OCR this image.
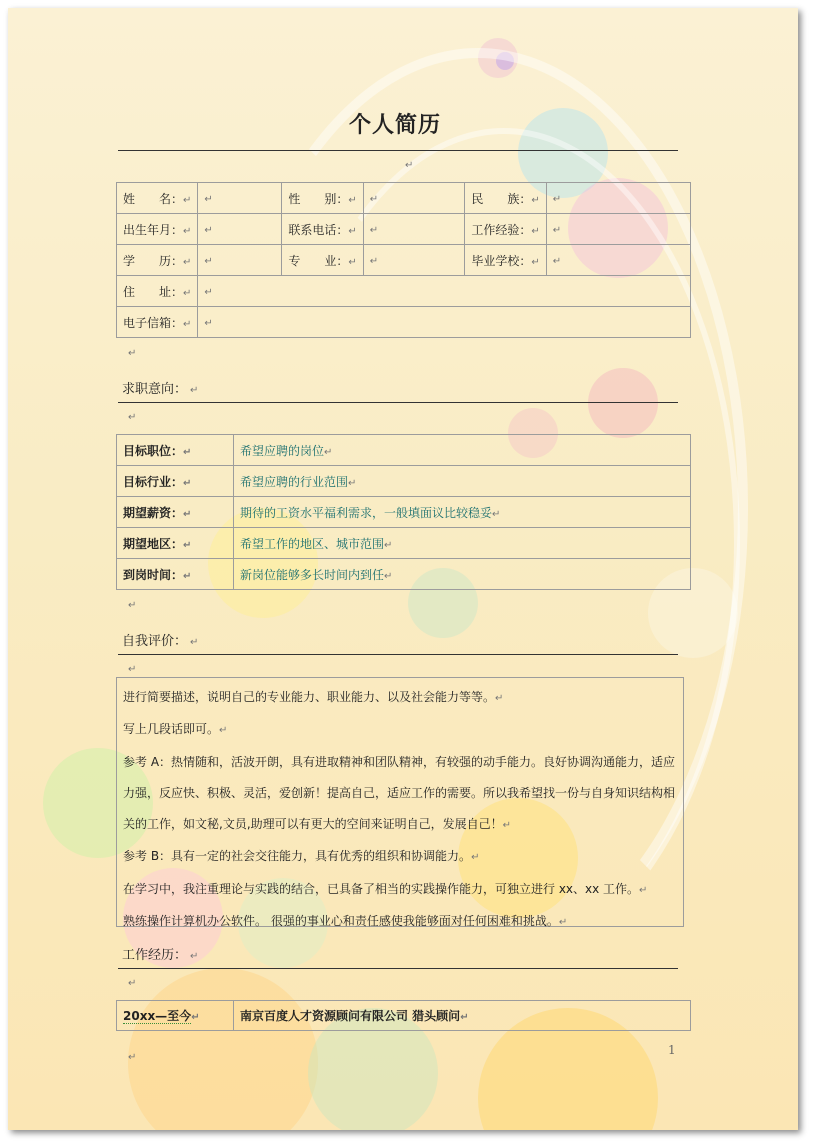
个人简历
↵
姓　　名：↵	↵	性　　别：↵	↵	民　　族：↵	↵
出生年月：↵	↵	联系电话：↵	↵	工作经验：↵	↵
学　　历：↵	↵	专　　业：↵	↵	毕业学校：↵	↵
住　　址：↵	↵				
电子信箱：↵	↵				
↵
求职意向： ↵
↵
目标职位：↵	希望应聘的岗位↵
目标行业：↵	希望应聘的行业范围↵
期望薪资：↵	期待的工资水平福利需求，一般填面议比较稳妥↵
期望地区：↵	希望工作的地区、城市范围↵
到岗时间：↵	新岗位能够多长时间内到任↵
↵
自我评价： ↵
↵

进行简要描述，说明自己的专业能力、职业能力、以及社会能力等等。↵

写上几段话即可。↵

参考 A：热情随和，活波开朗，具有进取精神和团队精神，有较强的动手能力。良好协调沟通能力，适应

力强，反应快、积极、灵活，爱创新！提高自己，适应工作的需要。所以我希望找一份与自身知识结构相

关的工作，如文秘,文员,助理可以有更大的空间来证明自己，发展自己！↵

参考 B：具有一定的社会交往能力，具有优秀的组织和协调能力。↵

在学习中，我注重理论与实践的结合，已具备了相当的实践操作能力，可独立进行 xx、xx 工作。↵

熟练操作计算机办公软件。 很强的事业心和责任感使我能够面对任何困难和挑战。↵

工作经历： ↵
↵
20xx—至今↵	南京百度人才资源顾问有限公司 猎头顾问↵
↵
1
